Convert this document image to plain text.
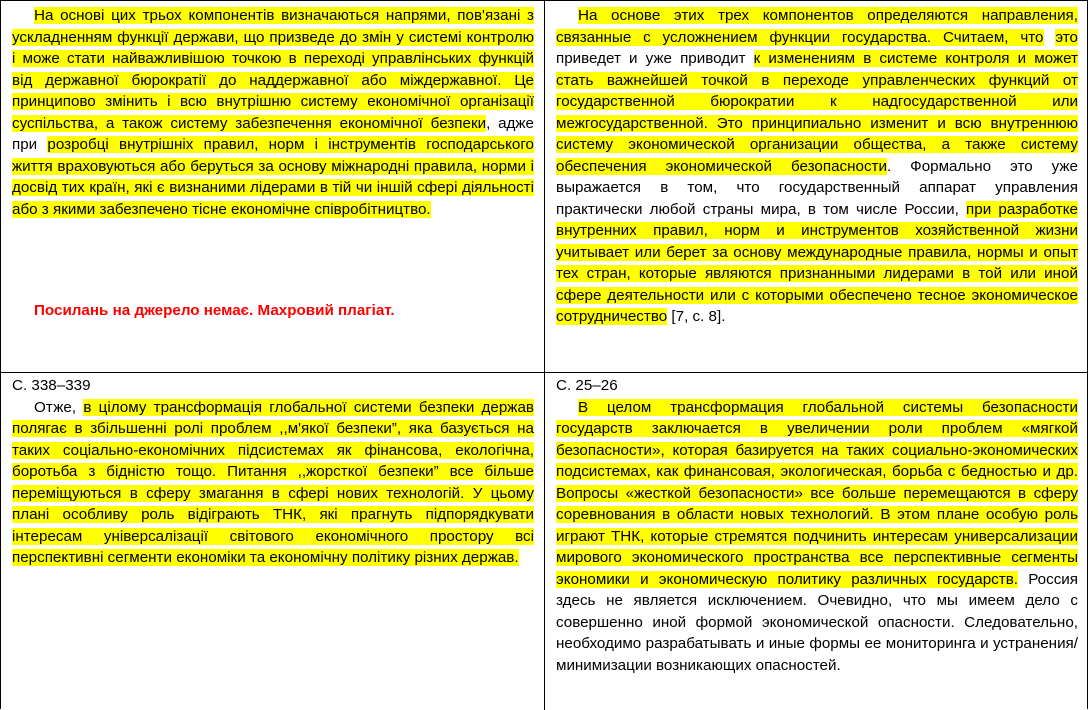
На основі цих трьох компонентів визначаються напрями, пов'язані з ускладненням функції держави, що призведе до змін у системі контролю і може стати найважливішою точкою в переході управлінських функцій від державної бюрократії до наддержавної або міждержавної. Це принципово змінить і всю внутрішню систему економічної організації суспільства, а також систему забезпечення економічної безпеки, адже при розробці внутрішніх правил, норм і інструментів господарського життя враховуються або беруться за основу міжнародні правила, норми і досвід тих країн, які є визнаними лідерами в тій чи іншій сфері діяльності або з якими забезпечено тісне економічне співробітництво.
Посилань на джерело немає. Махровий плагіат.
На основе этих трех компонентов определяются направления, связанные с усложнением функции государства. Считаем, что это приведет и уже приводит к изменениям в системе контроля и может стать важнейшей точкой в переходе управленческих функций от государственной бюрократии к надгосударственной или межгосударственной. Это принципиально изменит и всю внутреннюю систему экономической организации общества, а также систему обеспечения экономической безопасности. Формально это уже выражается в том, что государственный аппарат управления практически любой страны мира, в том числе России, при разработке внутренних правил, норм и инструментов хозяйственной жизни учитывает или берет за основу международные правила, нормы и опыт тех стран, которые являются признанными лидерами в той или иной сфере деятельности или с которыми обеспечено тесное экономическое сотрудничество [7, с. 8].
С. 338–339
Отже, в цілому трансформація глобальної системи безпеки держав полягає в збільшенні ролі проблем ,,м'якої безпеки”, яка базується на таких соціально-економічних підсистемах як фінансова, екологічна, боротьба з бідністю тощо. Питання ,,жорсткої безпеки” все більше переміщуються в сферу змагання в сфері нових технологій. У цьому плані особливу роль відіграють ТНК, які прагнуть підпорядкувати інтересам універсалізації світового економічного простору всі перспективні сегменти економіки та економічну політику різних держав.
С. 25–26
В целом трансформация глобальной системы безопасности государств заключается в увеличении роли проблем «мягкой безопасности», которая базируется на таких социально-экономических подсистемах, как финансовая, экологическая, борьба с бедностью и др. Вопросы «жесткой безопасности» все больше перемещаются в сферу соревнования в области новых технологий. В этом плане особую роль играют ТНК, которые стремятся подчинить интересам универсализации мирового экономического пространства все перспективные сегменты экономики и экономическую политику различных государств. Россия здесь не является исключением. Очевидно, что мы имеем дело с совершенно иной формой экономической опасности. Следовательно, необходимо разрабатывать и иные формы ее мониторинга и устранения/минимизации возникающих опасностей.
